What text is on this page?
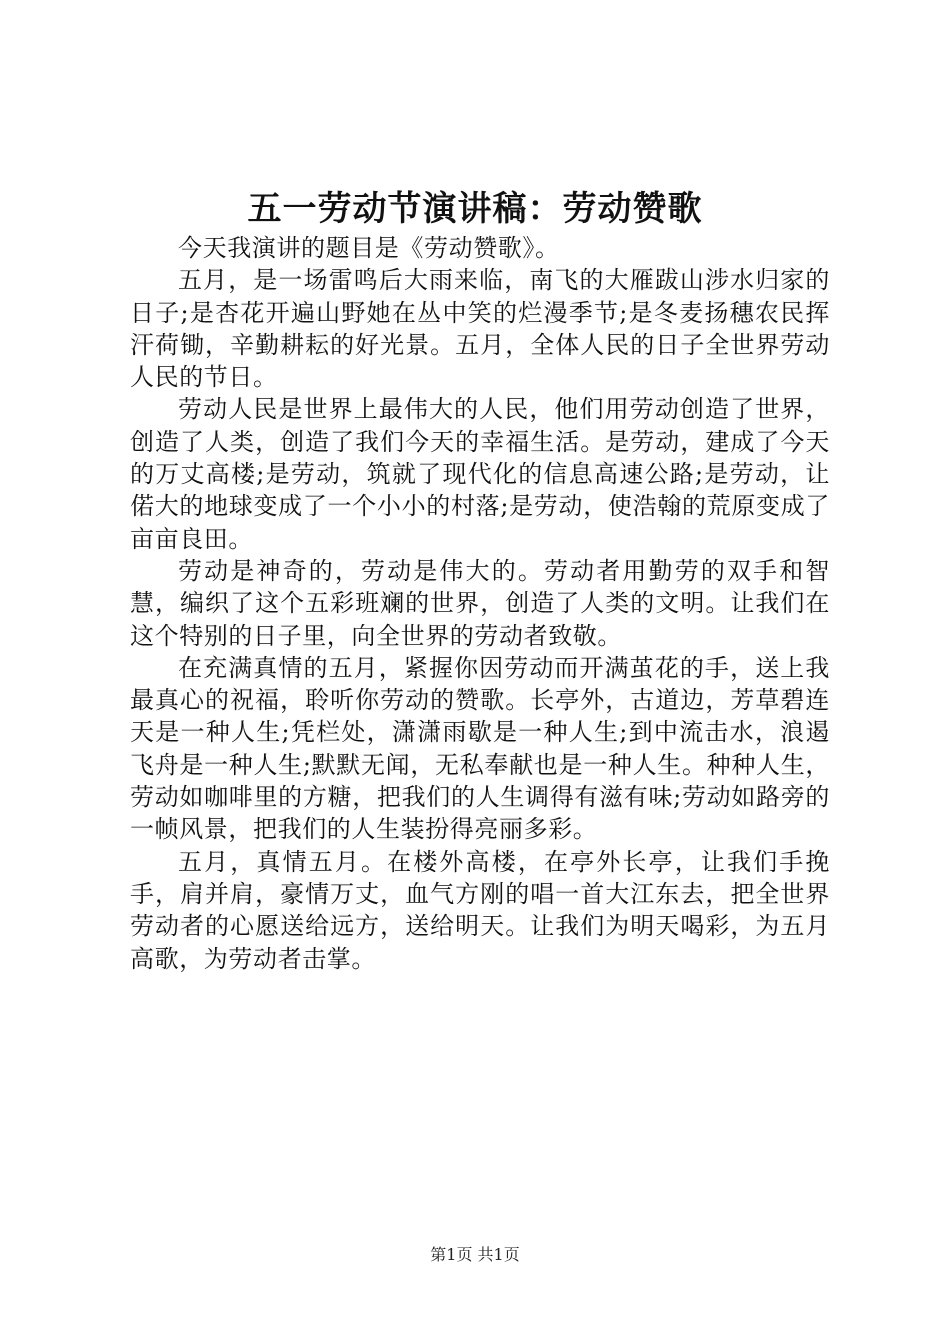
五一劳动节演讲稿：劳动赞歌

今天我演讲的题目是《劳动赞歌》。

五月，是一场雷鸣后大雨来临，南飞的大雁跋山涉水归家的日子;是杏花开遍山野她在丛中笑的烂漫季节;是冬麦扬穗农民挥汗荷锄，辛勤耕耘的好光景。五月，全体人民的日子全世界劳动人民的节日。

劳动人民是世界上最伟大的人民，他们用劳动创造了世界，创造了人类，创造了我们今天的幸福生活。是劳动，建成了今天的万丈高楼;是劳动，筑就了现代化的信息高速公路;是劳动，让偌大的地球变成了一个小小的村落;是劳动，使浩翰的荒原变成了亩亩良田。

劳动是神奇的，劳动是伟大的。劳动者用勤劳的双手和智慧，编织了这个五彩班斓的世界，创造了人类的文明。让我们在这个特别的日子里，向全世界的劳动者致敬。

在充满真情的五月，紧握你因劳动而开满茧花的手，送上我最真心的祝福，聆听你劳动的赞歌。长亭外，古道边，芳草碧连天是一种人生;凭栏处，潇潇雨歇是一种人生;到中流击水，浪遏飞舟是一种人生;默默无闻，无私奉献也是一种人生。种种人生，劳动如咖啡里的方糖，把我们的人生调得有滋有味;劳动如路旁的一帧风景，把我们的人生装扮得亮丽多彩。

五月，真情五月。在楼外高楼，在亭外长亭，让我们手挽手，肩并肩，豪情万丈，血气方刚的唱一首大江东去，把全世界劳动者的心愿送给远方，送给明天。让我们为明天喝彩，为五月高歌，为劳动者击掌。

第1页 共1页
